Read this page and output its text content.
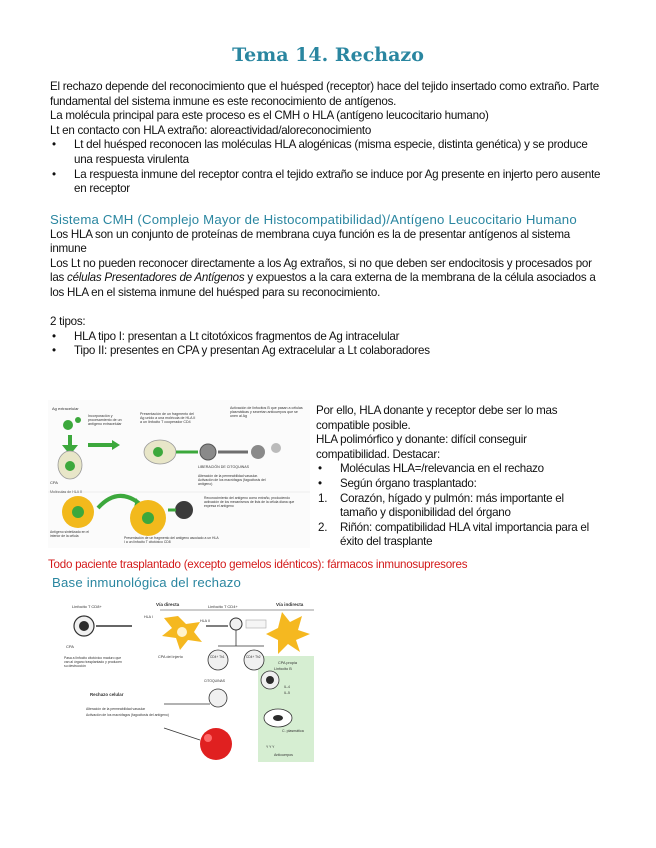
Tema 14. Rechazo

El rechazo depende del reconocimiento que el huésped (receptor) hace del tejido insertado como extraño. Parte fundamental del sistema inmune es este reconocimiento de antígenos.

La molécula principal para este proceso es el CMH o HLA (antígeno leucocitario humano)

Lt en contacto con HLA extraño: aloreactividad/aloreconocimiento

• Lt del huésped reconocen las moléculas HLA alogénicas (misma especie, distinta genética) y se produce una respuesta virulenta
• La respuesta inmune del receptor contra el tejido extraño se induce por Ag presente en injerto pero ausente en receptor
Sistema CMH (Complejo Mayor de Histocompatibilidad)/Antígeno Leucocitario Humano

Los HLA son un conjunto de proteínas de membrana cuya función es la de presentar antígenos al sistema inmune

Los Lt no pueden reconocer directamente a los Ag extraños, si no que deben ser endocitosis y procesados por las células Presentadores de Antígenos y expuestos a la cara externa de la membrana de la célula asociados a los HLA en el sistema inmune del huésped para su reconocimiento.

2 tipos:

• HLA tipo I: presentan a Lt citotóxicos fragmentos de Ag intracelular
• Tipo II: presentes en CPA y presentan Ag extracelular a Lt colaboradores
Ag extracelular
CPA
Moléculas de HLA II
Incorporación y procesamiento de un antígeno extracelular
Presentación de un fragmento del Ag unido a una molécula de HLA II a un linfocito T cooperador CD4
Activación de linfocitos B que pasan a células plasmáticas y secretan anticuerpos que se unen al Ag
LIBERACIÓN DE CITOQUINAS
Alteración de la permeabilidad vascular. Activación de los macrófagos (fagocitosis del antígeno)
Reconocimiento del antígeno como extraño, produciendo activación de los mecanismos de lisis de la célula diana que expresa el antígeno
Antígeno sintetizado en el interior de la célula	Presentación de un fragmento del antígeno asociado a un HLA I a un linfocito T citotóxico CD8

Por ello, HLA donante y receptor debe ser lo mas compatible posible.

HLA polimórfico y donante: difícil conseguir compatibilidad. Destacar:

• Moléculas HLA=/relevancia en el rechazo
• Según órgano trasplantado:
1. Corazón, hígado y pulmón: más importante el tamaño y disponibilidad del órgano
2. Riñón: compatibilidad HLA vital importancia para el éxito del trasplante
Todo paciente trasplantado (excepto gemelos idénticos): fármacos inmunosupresores
Base inmunológica del rechazo
Linfocito T CD8+	Vía directa	Linfocito T CD4+	Vía indirecta
CPA
HLA I
CPA del injerto
HLA II
CPA propia
CD4+ Th1	CD4+ Th2
CITOQUINAS
Linfocito B
IL-4
IL-5
C. plasmática
Y Y Y
Anticuerpos
Pasa a linfocito citotóxico maduro que van al órgano trasplantado y producen su destrucción
Rechazo celular
Alteración de la permeabilidad vascular
Activación de los macrófagos (fagocitosis del antígeno)
